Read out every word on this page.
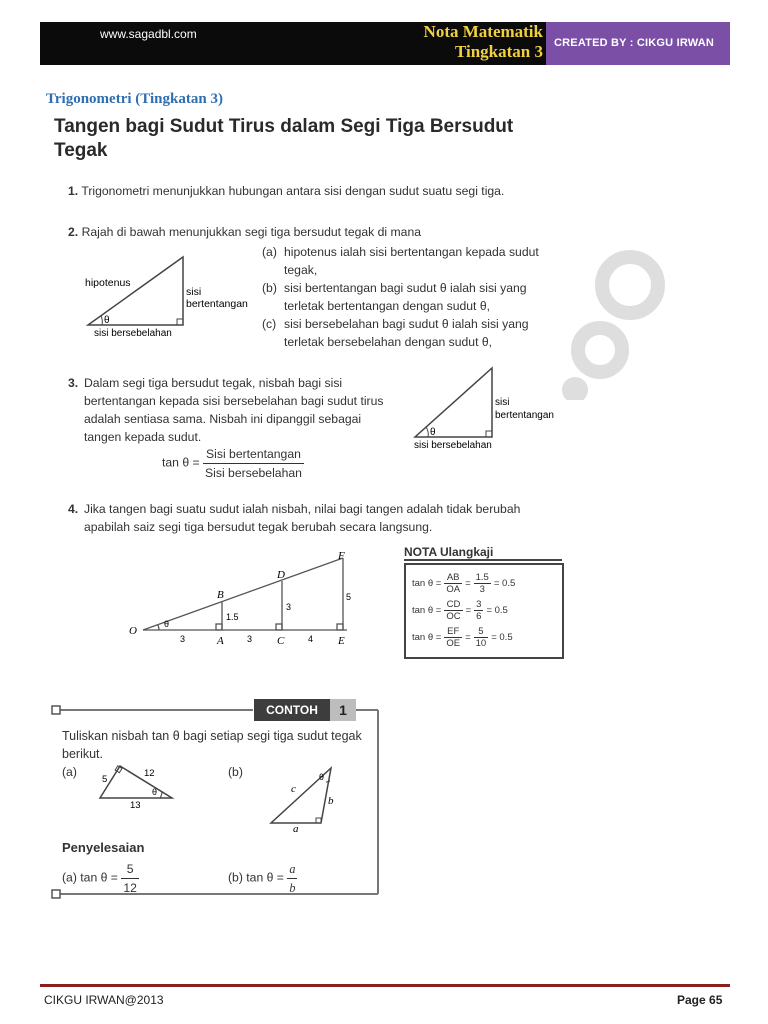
www.sagadbl.com	Nota Matematik
Tingkatan 3 CREATED BY : CIKGU IRWAN
Trigonometri (Tingkatan 3)
Tangen bagi Sudut Tirus dalam Segi Tiga Bersudut Tegak
1. Trigonometri menunjukkan hubungan antara sisi dengan sudut suatu segi tiga.
2. Rajah di bawah menunjukkan segi tiga bersudut tegak di mana
(a) hipotenus ialah sisi bertentangan kepada sudut tegak,
(b) sisi bertentangan bagi sudut θ ialah sisi yang terletak bertentangan dengan sudut θ,
(c) sisi bersebelahan bagi sudut θ ialah sisi yang terletak bersebelahan dengan sudut θ,
hipotenus
sisi
bertentangan
θ
sisi bersebelahan
3. Dalam segi tiga bersudut tegak, nisbah bagi sisi bertentangan kepada sisi bersebelahan bagi sudut tirus adalah sentiasa sama. Nisbah ini dipanggil sebagai tangen kepada sudut.
$\tan \theta = \frac{\text{Sisi bertentangan}}{\text{Sisi bersebelahan}}$
θ
sisi
bertentangan
sisi bersebelahan
4. Jika tangen bagi suatu sudut ialah nisbah, nilai bagi tangen adalah tidak berubah apabilah saiz segi tiga bersudut tegak berubah secara langsung.
O
A
B
C
D
E
F
θ
3	3	4
1.5
3
5
NOTA Ulangkaji
$\tan \theta = \frac{AB}{OA} = \frac{1.5}{3} = 0.5$
$\tan \theta = \frac{CD}{OC} = \frac{3}{6} = 0.5$
$\tan \theta = \frac{EF}{OE} = \frac{5}{10} = 0.5$
CONTOH	1
Tuliskan nisbah tan θ bagi setiap segi tiga sudut tegak berikut.
(a)	(b)
5
12
13
θ	c
b
a
θ
Penyelesaian
(a) $\tan \theta = \frac{5}{12}$	(b) $\tan \theta = \frac{a}{b}$
CIKGU IRWAN@2013	Page 65
